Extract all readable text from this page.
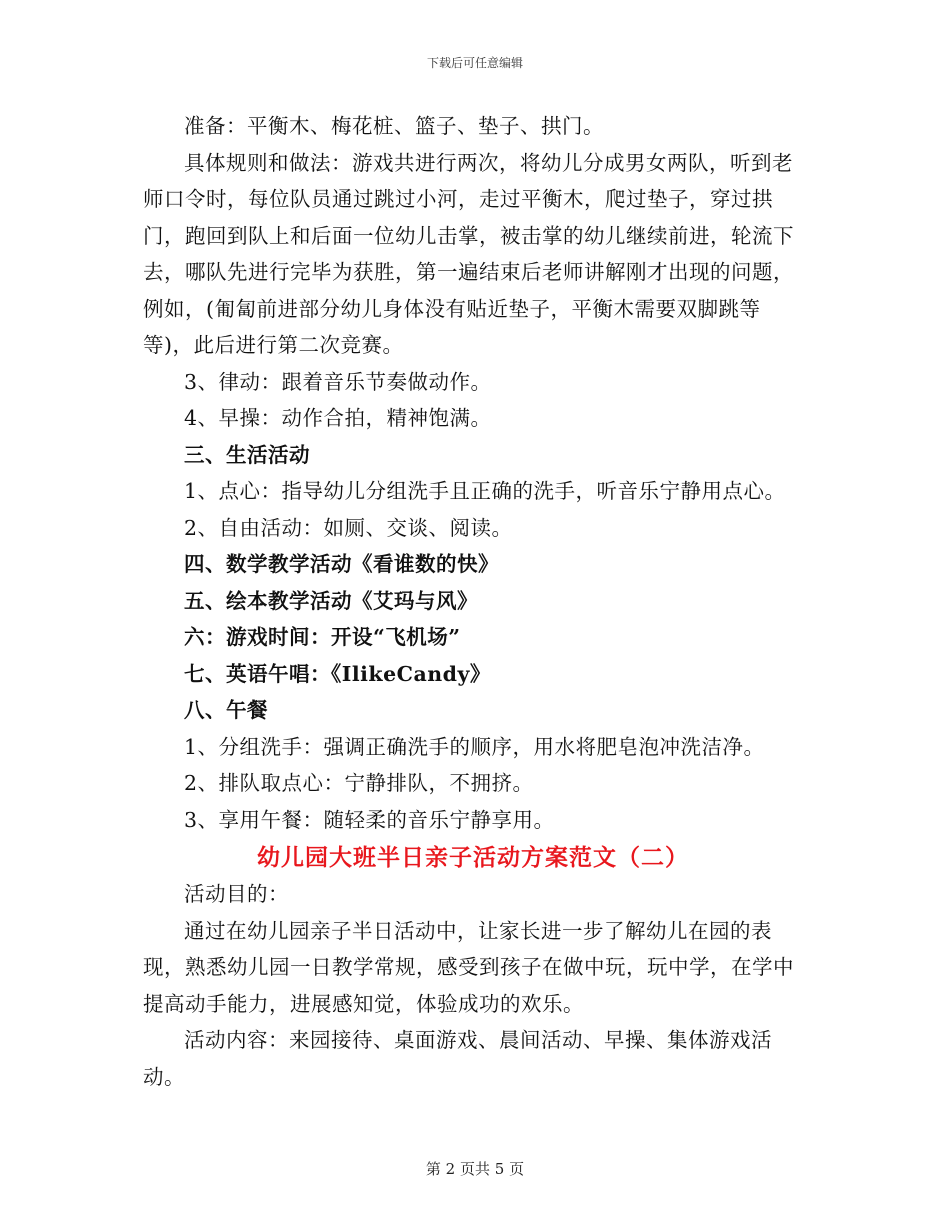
下载后可任意编辑

准备：平衡木、梅花桩、篮子、垫子、拱门。

具体规则和做法：游戏共进行两次，将幼儿分成男女两队，听到老师口令时，每位队员通过跳过小河，走过平衡木，爬过垫子，穿过拱门，跑回到队上和后面一位幼儿击掌，被击掌的幼儿继续前进，轮流下去，哪队先进行完毕为获胜，第一遍结束后老师讲解刚才出现的问题，例如，(匍匐前进部分幼儿身体没有贴近垫子，平衡木需要双脚跳等等)，此后进行第二次竞赛。

3、律动：跟着音乐节奏做动作。

4、早操：动作合拍，精神饱满。

三、生活活动

1、点心：指导幼儿分组洗手且正确的洗手，听音乐宁静用点心。

2、自由活动：如厕、交谈、阅读。

四、数学教学活动《看谁数的快》

五、绘本教学活动《艾玛与风》

六：游戏时间：开设“飞机场”

七、英语午唱：《IlikeCandy》

八、午餐

1、分组洗手：强调正确洗手的顺序，用水将肥皂泡冲洗洁净。

2、排队取点心：宁静排队，不拥挤。

3、享用午餐：随轻柔的音乐宁静享用。

幼儿园大班半日亲子活动方案范文（二）

活动目的：

通过在幼儿园亲子半日活动中，让家长进一步了解幼儿在园的表现，熟悉幼儿园一日教学常规，感受到孩子在做中玩，玩中学，在学中提高动手能力，进展感知觉，体验成功的欢乐。

活动内容：来园接待、桌面游戏、晨间活动、早操、集体游戏活动。

第 2 页共 5 页
